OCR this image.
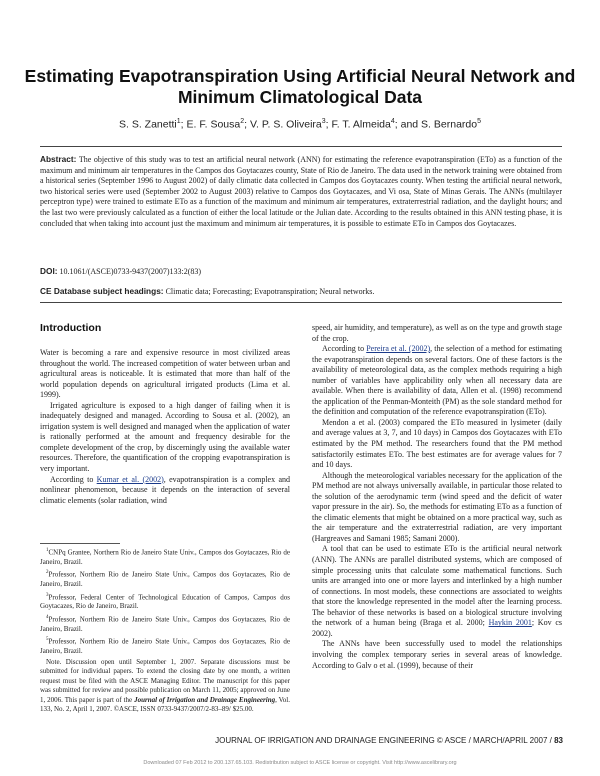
Estimating Evapotranspiration Using Artificial Neural Network and Minimum Climatological Data
S. S. Zanetti$^1$; E. F. Sousa$^2$; V. P. S. Oliveira$^3$; F. T. Almeida$^4$; and S. Bernardo$^5$
Abstract: The objective of this study was to test an artificial neural network (ANN) for estimating the reference evapotranspiration (ETo) as a function of the maximum and minimum air temperatures in the Campos dos Goytacazes county, State of Rio de Janeiro. The data used in the network training were obtained from a historical series (September 1996 to August 2002) of daily climatic data collected in Campos dos Goytacazes county. When testing the artificial neural network, two historical series were used (September 2002 to August 2003) relative to Campos dos Goytacazes, and Vi osa, State of Minas Gerais. The ANNs (multilayer perceptron type) were trained to estimate ETo as a function of the maximum and minimum air temperatures, extraterrestrial radiation, and the daylight hours; and the last two were previously calculated as a function of either the local latitude or the Julian date. According to the results obtained in this ANN testing phase, it is concluded that when taking into account just the maximum and minimum air temperatures, it is possible to estimate ETo in Campos dos Goytacazes.
DOI: 10.1061/(ASCE)0733-9437(2007)133:2(83)
CE Database subject headings: Climatic data; Forecasting; Evapotranspiration; Neural networks.
Introduction

Water is becoming a rare and expensive resource in most civilized areas throughout the world. The increased competition of water between urban and agricultural areas is noticeable. It is estimated that more than half of the world population depends on agricultural irrigated products (Lima et al. 1999).

Irrigated agriculture is exposed to a high danger of failing when it is inadequately designed and managed. According to Sousa et al. (2002), an irrigation system is well designed and managed when the application of water is rationally performed at the amount and frequency desirable for the complete development of the crop, by discerningly using the available water resources. Therefore, the quantification of the cropping evapotranspiration is very important.

According to Kumar et al. (2002), evapotranspiration is a complex and nonlinear phenomenon, because it depends on the interaction of several climatic elements (solar radiation, wind

$^1$CNPq Grantee, Northern Rio de Janeiro State Univ., Campos dos Goytacazes, Rio de Janeiro, Brazil.
$^2$Professor, Northern Rio de Janeiro State Univ., Campos dos Goytacazes, Rio de Janeiro, Brazil.
$^3$Professor, Federal Center of Technological Education of Campos, Campos dos Goytacazes, Rio de Janeiro, Brazil.
$^4$Professor, Northern Rio de Janeiro State Univ., Campos dos Goytacazes, Rio de Janeiro, Brazil.
$^5$Professor, Northern Rio de Janeiro State Univ., Campos dos Goytacazes, Rio de Janeiro, Brazil.
Note. Discussion open until September 1, 2007. Separate discussions must be submitted for individual papers. To extend the closing date by one month, a written request must be filed with the ASCE Managing Editor. The manuscript for this paper was submitted for review and possible publication on March 11, 2005; approved on June 1, 2006. This paper is part of the Journal of Irrigation and Drainage Engineering, Vol. 133, No. 2, April 1, 2007. ©ASCE, ISSN 0733-9437/2007/2-83–89/ $25.00.

speed, air humidity, and temperature), as well as on the type and growth stage of the crop.

According to Pereira et al. (2002), the selection of a method for estimating the evapotranspiration depends on several factors. One of these factors is the availability of meteorological data, as the complex methods requiring a high number of variables have applicability only when all necessary data are available. When there is availability of data, Allen et al. (1998) recommend the application of the Penman-Monteith (PM) as the sole standard method for the definition and computation of the reference evapotranspiration (ETo).

Mendon a et al. (2003) compared the ETo measured in lysimeter (daily and average values at 3, 7, and 10 days) in Campos dos Goytacazes with ETo estimated by the PM method. The researchers found that the PM method satisfactorily estimates ETo. The best estimates are for average values for 7 and 10 days.

Although the meteorological variables necessary for the application of the PM method are not always universally available, in particular those related to the solution of the aerodynamic term (wind speed and the deficit of water vapor pressure in the air). So, the methods for estimating ETo as a function of the climatic elements that might be obtained on a more practical way, such as the air temperature and the extraterrestrial radiation, are very important (Hargreaves and Samani 1985; Samani 2000).

A tool that can be used to estimate ETo is the artificial neural network (ANN). The ANNs are parallel distributed systems, which are composed of simple processing units that calculate some mathematical functions. Such units are arranged into one or more layers and interlinked by a high number of connections. In most models, these connections are associated to weights that store the knowledge represented in the model after the learning process. The behavior of these networks is based on a biological structure involving the network of a human being (Braga et al. 2000; Haykin 2001; Kov cs 2002).

The ANNs have been successfully used to model the relationships involving the complex temporary series in several areas of knowledge. According to Galv o et al. (1999), because of their

JOURNAL OF IRRIGATION AND DRAINAGE ENGINEERING © ASCE / MARCH/APRIL 2007 / 83
Downloaded 07 Feb 2012 to 200.137.65.103. Redistribution subject to ASCE license or copyright. Visit http://www.ascelibrary.org
